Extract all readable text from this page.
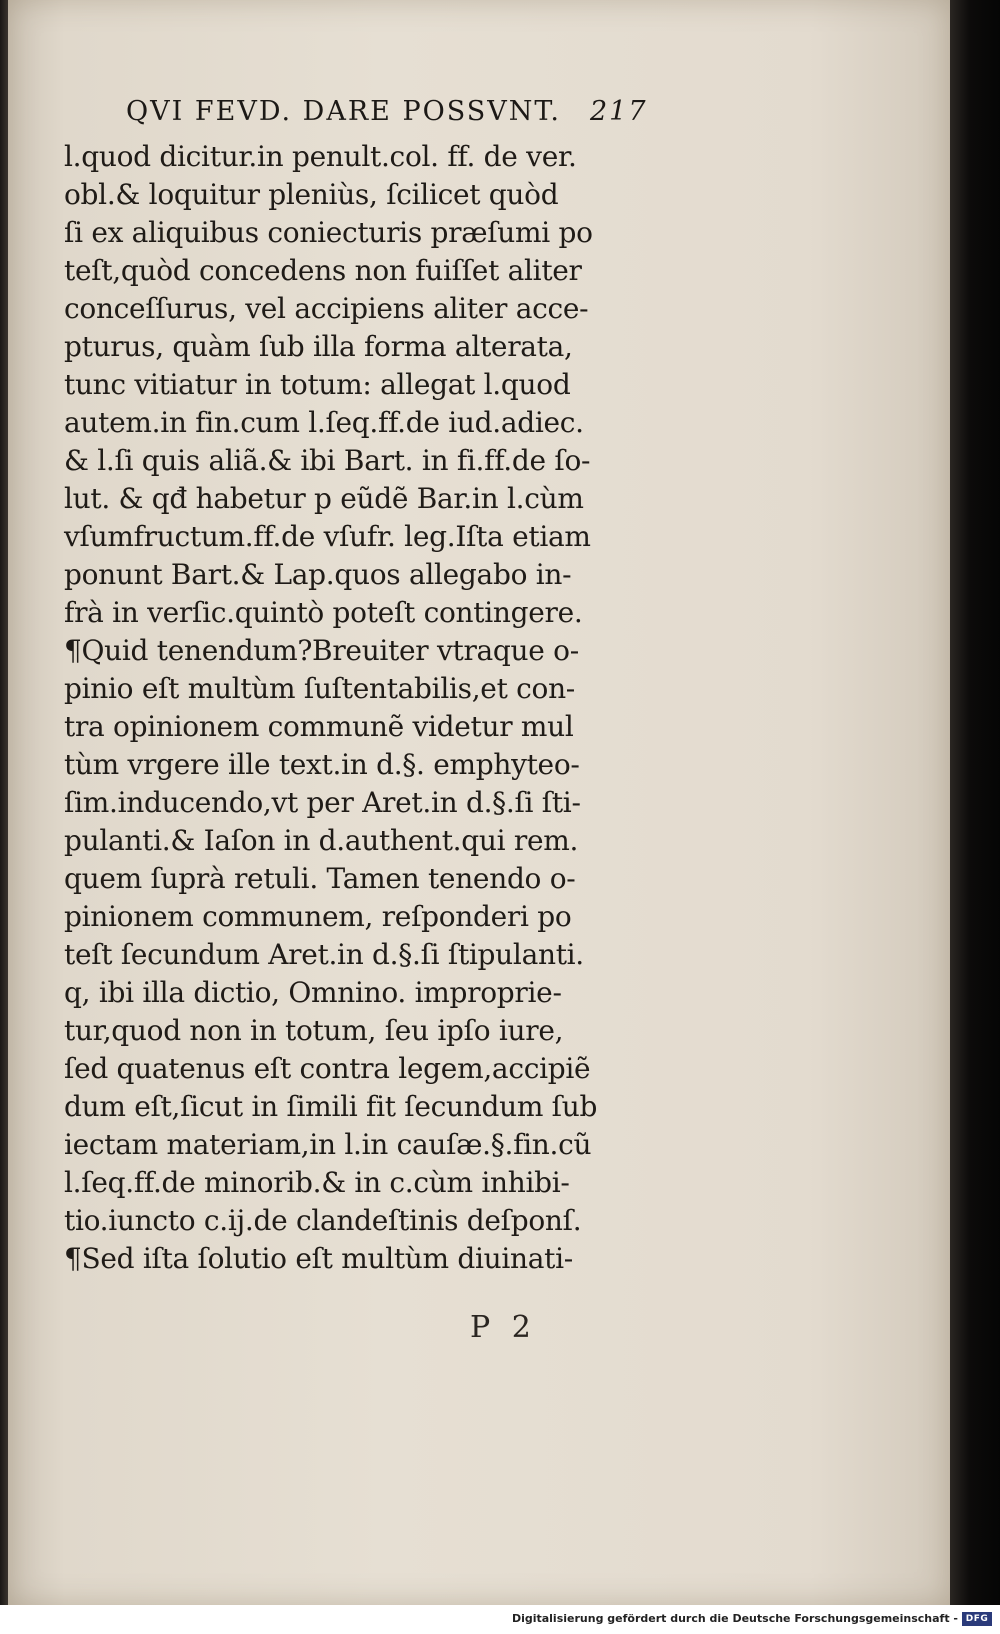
QVI FEVD. DARE POSSVNT. 217
l.quod dicitur.in penult.col. ff. de ver.
obl.& loquitur pleniùs, ſcilicet quòd
ſi ex aliquibus coniecturis præſumi po
teſt,quòd concedens non fuiſſet aliter
conceſſurus, vel accipiens aliter acce-
pturus, quàm ſub illa forma alterata,
tunc vitiatur in totum: allegat l.quod
autem.in fin.cum l.ſeq.ff.de iud.adiec.
& l.ſi quis aliã.& ibi Bart. in fi.ff.de ſo-
lut. & qđ habetur p eũdẽ Bar.in l.cùm
vſumfructum.ff.de vſufr. leg.Iſta etiam
ponunt Bart.& Lap.quos allegabo in-
frà in verſic.quintò poteſt contingere.
¶Quid tenendum?Breuiter vtraque o-
pinio eſt multùm ſuſtentabilis,et con-
tra opinionem communẽ videtur mul
tùm vrgere ille text.in d.§. emphyteo-
ſim.inducendo,vt per Aret.in d.§.ſi ſti-
pulanti.& Iaſon in d.authent.qui rem.
quem ſuprà retuli. Tamen tenendo o-
pinionem communem, reſponderi po
teſt ſecundum Aret.in d.§.ſi ſtipulanti.
q, ibi illa dictio, Omnino. improprie-
tur,quod non in totum, ſeu ipſo iure,
ſed quatenus eſt contra legem,accipiẽ
dum eſt,ſicut in ſimili fit ſecundum ſub
iectam materiam,in l.in cauſæ.§.fin.cũ
l.ſeq.ff.de minorib.& in c.cùm inhibi-
tio.iuncto c.ij.de clandeſtinis deſponſ.
¶Sed iſta ſolutio eſt multùm diuinati-
P 2
Digitalisierung gefördert durch die Deutsche Forschungsgemeinschaft - DFG
